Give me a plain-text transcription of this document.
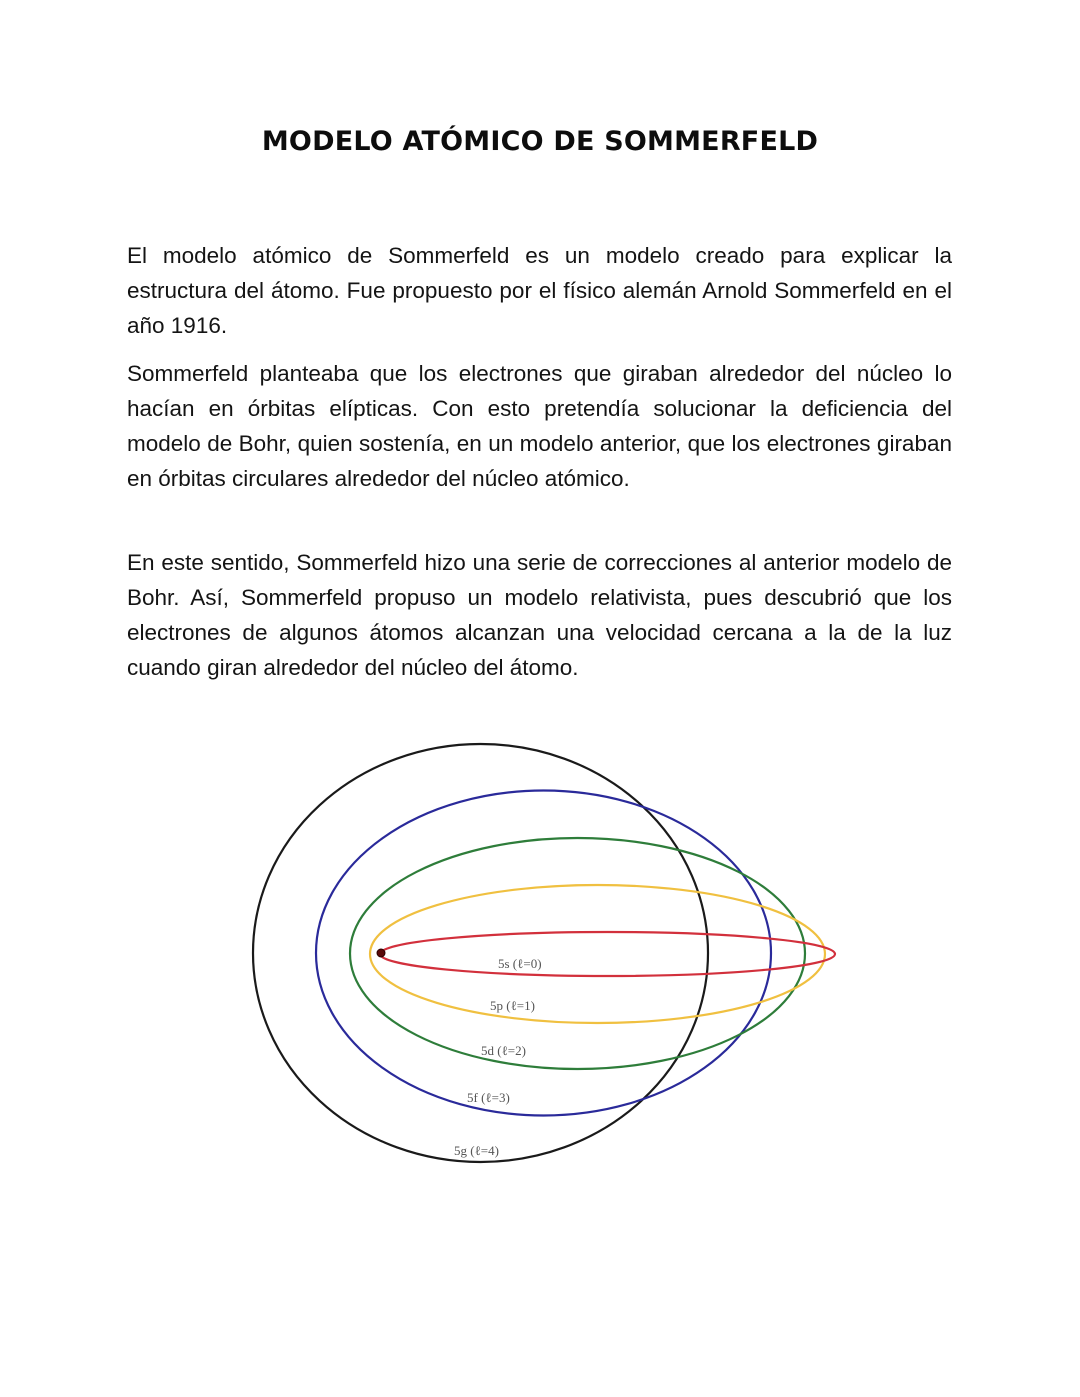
MODELO ATÓMICO DE SOMMERFELD

El modelo atómico de Sommerfeld es un modelo creado para explicar la estructura del átomo. Fue propuesto por el físico alemán Arnold Sommerfeld en el año 1916.

Sommerfeld planteaba que los electrones que giraban alrededor del núcleo lo hacían en órbitas elípticas. Con esto pretendía solucionar la deficiencia del modelo de Bohr, quien sostenía, en un modelo anterior, que los electrones giraban en órbitas circulares alrededor del núcleo atómico.

En este sentido, Sommerfeld hizo una serie de correcciones al anterior modelo de Bohr. Así, Sommerfeld propuso un modelo relativista, pues descubrió que los electrones de algunos átomos alcanzan una velocidad cercana a la de la luz cuando giran alrededor del núcleo del átomo.

5s (ℓ=0)
5p (ℓ=1)
5d (ℓ=2)
5f (ℓ=3)
5g (ℓ=4)
